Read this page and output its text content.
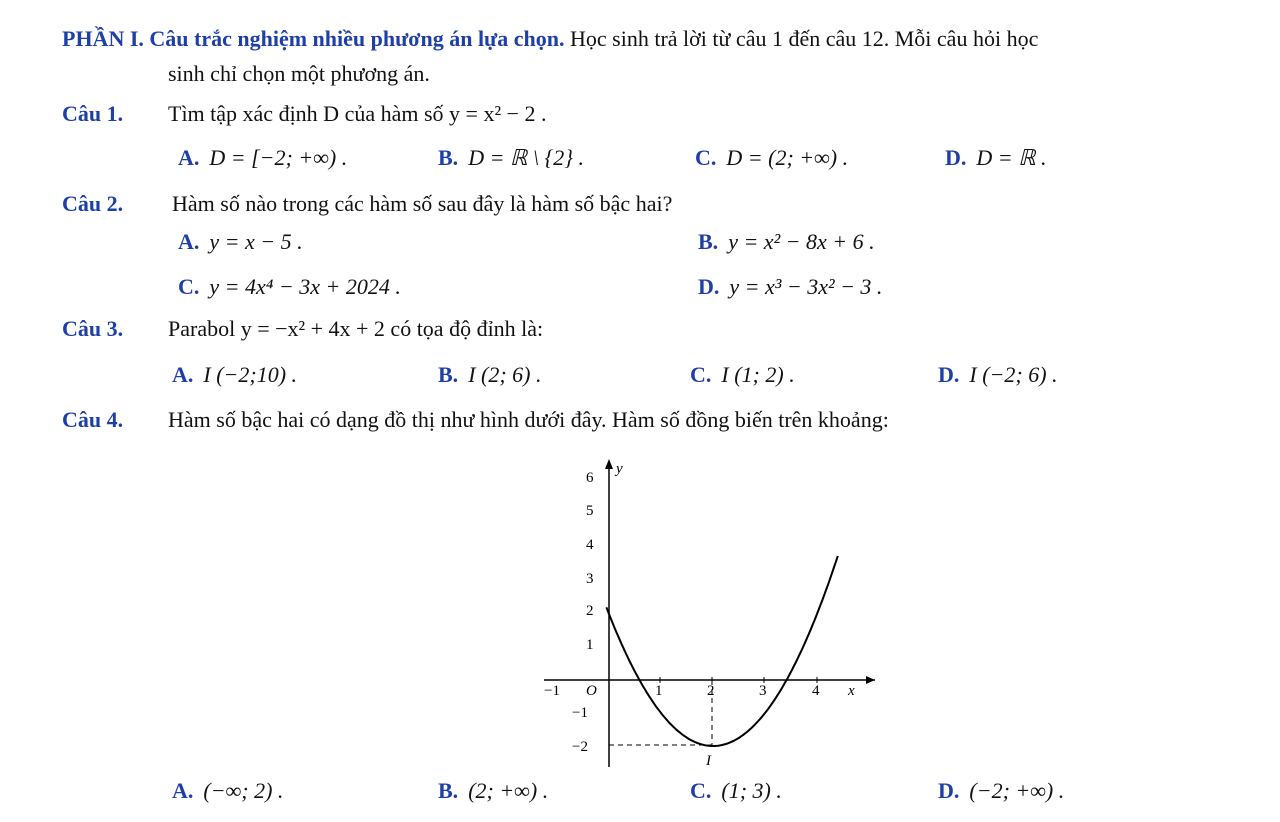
PHẦN I. Câu trắc nghiệm nhiều phương án lựa chọn. Học sinh trả lời từ câu 1 đến câu 12. Mỗi câu hỏi học
sinh chỉ chọn một phương án.
Câu 1. Tìm tập xác định D của hàm số y = x² − 2 .
A. D = [−2; +∞) .	B. D = ℝ \ {2} .	C. D = (2; +∞) .	D. D = ℝ .
Câu 2. Hàm số nào trong các hàm số sau đây là hàm số bậc hai?
A. y = x − 5 .	B. y = x² − 8x + 6 .
C. y = 4x⁴ − 3x + 2024 .	D. y = x³ − 3x² − 3 .
Câu 3. Parabol y = −x² + 4x + 2 có tọa độ đỉnh là:
A. I (−2;10) .	B. I (2; 6) .	C. I (1; 2) .	D. I (−2; 6) .
Câu 4. Hàm số bậc hai có dạng đồ thị như hình dưới đây. Hàm số đồng biến trên khoảng:
y
x
O
I
−1	1	2	3	4
6
5
4
3
2
1
−1
−2
A. (−∞; 2) .	B. (2; +∞) .	C. (1; 3) .	D. (−2; +∞) .
